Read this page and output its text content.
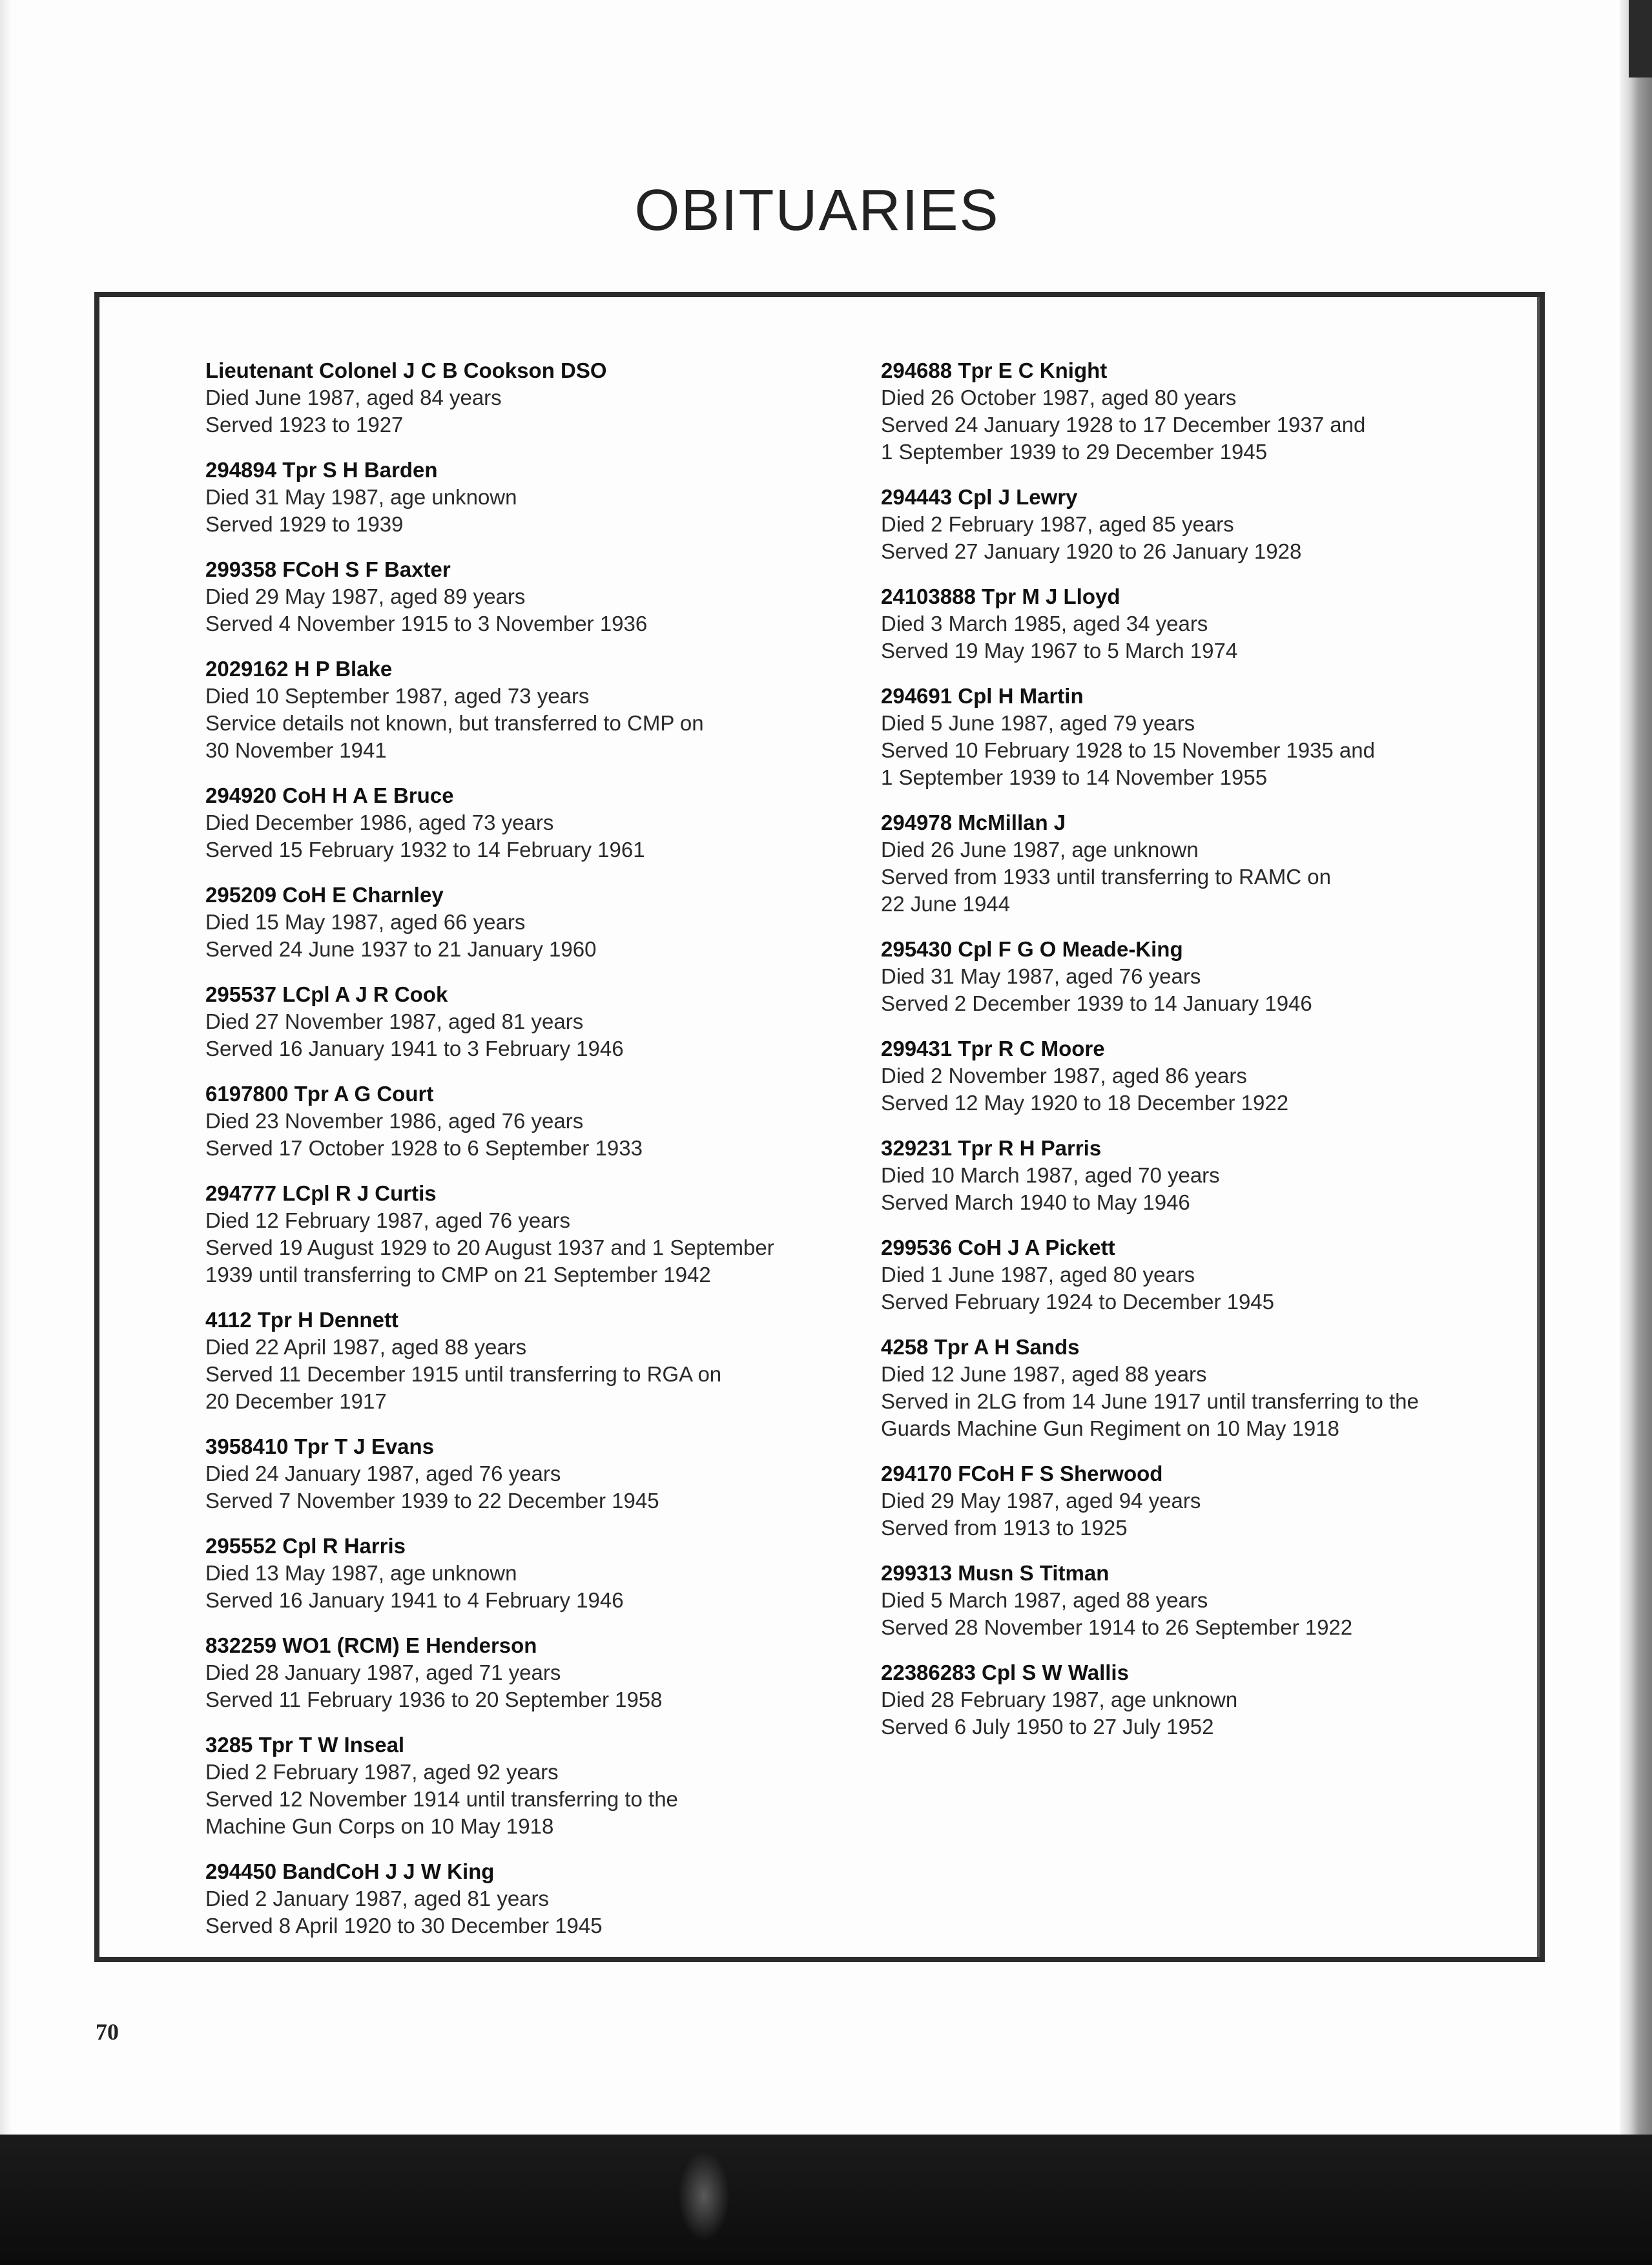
OBITUARIES
Lieutenant Colonel J C B Cookson DSO
Died June 1987, aged 84 years
Served 1923 to 1927
294894 Tpr S H Barden
Died 31 May 1987, age unknown
Served 1929 to 1939
299358 FCoH S F Baxter
Died 29 May 1987, aged 89 years
Served 4 November 1915 to 3 November 1936
2029162 H P Blake
Died 10 September 1987, aged 73 years
Service details not known, but transferred to CMP on
30 November 1941
294920 CoH H A E Bruce
Died December 1986, aged 73 years
Served 15 February 1932 to 14 February 1961
295209 CoH E Charnley
Died 15 May 1987, aged 66 years
Served 24 June 1937 to 21 January 1960
295537 LCpl A J R Cook
Died 27 November 1987, aged 81 years
Served 16 January 1941 to 3 February 1946
6197800 Tpr A G Court
Died 23 November 1986, aged 76 years
Served 17 October 1928 to 6 September 1933
294777 LCpl R J Curtis
Died 12 February 1987, aged 76 years
Served 19 August 1929 to 20 August 1937 and 1 September
1939 until transferring to CMP on 21 September 1942
4112 Tpr H Dennett
Died 22 April 1987, aged 88 years
Served 11 December 1915 until transferring to RGA on
20 December 1917
3958410 Tpr T J Evans
Died 24 January 1987, aged 76 years
Served 7 November 1939 to 22 December 1945
295552 Cpl R Harris
Died 13 May 1987, age unknown
Served 16 January 1941 to 4 February 1946
832259 WO1 (RCM) E Henderson
Died 28 January 1987, aged 71 years
Served 11 February 1936 to 20 September 1958
3285 Tpr T W Inseal
Died 2 February 1987, aged 92 years
Served 12 November 1914 until transferring to the
Machine Gun Corps on 10 May 1918
294450 BandCoH J J W King
Died 2 January 1987, aged 81 years
Served 8 April 1920 to 30 December 1945
294688 Tpr E C Knight
Died 26 October 1987, aged 80 years
Served 24 January 1928 to 17 December 1937 and
1 September 1939 to 29 December 1945
294443 Cpl J Lewry
Died 2 February 1987, aged 85 years
Served 27 January 1920 to 26 January 1928
24103888 Tpr M J Lloyd
Died 3 March 1985, aged 34 years
Served 19 May 1967 to 5 March 1974
294691 Cpl H Martin
Died 5 June 1987, aged 79 years
Served 10 February 1928 to 15 November 1935 and
1 September 1939 to 14 November 1955
294978 McMillan J
Died 26 June 1987, age unknown
Served from 1933 until transferring to RAMC on
22 June 1944
295430 Cpl F G O Meade-King
Died 31 May 1987, aged 76 years
Served 2 December 1939 to 14 January 1946
299431 Tpr R C Moore
Died 2 November 1987, aged 86 years
Served 12 May 1920 to 18 December 1922
329231 Tpr R H Parris
Died 10 March 1987, aged 70 years
Served March 1940 to May 1946
299536 CoH J A Pickett
Died 1 June 1987, aged 80 years
Served February 1924 to December 1945
4258 Tpr A H Sands
Died 12 June 1987, aged 88 years
Served in 2LG from 14 June 1917 until transferring to the
Guards Machine Gun Regiment on 10 May 1918
294170 FCoH F S Sherwood
Died 29 May 1987, aged 94 years
Served from 1913 to 1925
299313 Musn S Titman
Died 5 March 1987, aged 88 years
Served 28 November 1914 to 26 September 1922
22386283 Cpl S W Wallis
Died 28 February 1987, age unknown
Served 6 July 1950 to 27 July 1952
70
